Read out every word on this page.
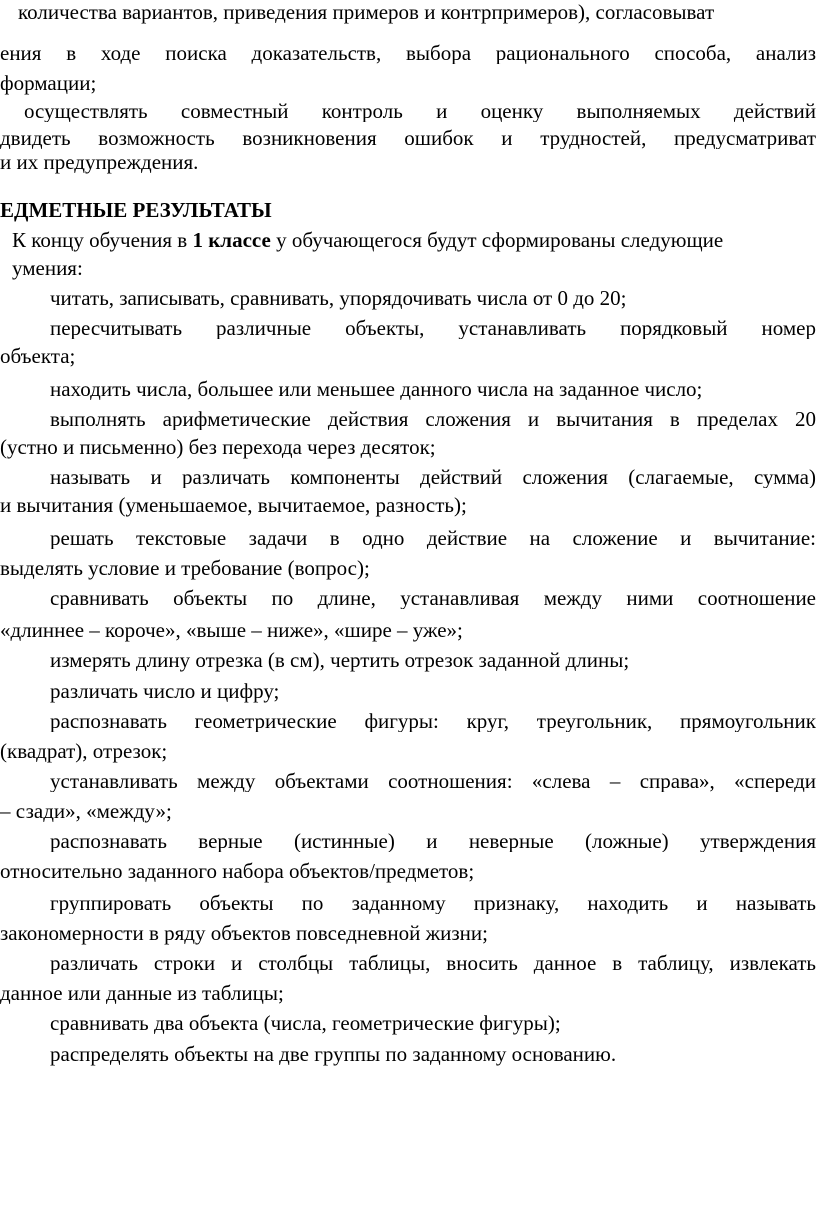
количества вариантов, приведения примеров и контрпримеров), согласовыват
ения в ходе поиска доказательств, выбора рационального способа, анализ
формации;
осуществлять совместный контроль и оценку выполняемых действий
двидеть возможность возникновения ошибок и трудностей, предусматриват
и их предупреждения.
ЕДМЕТНЫЕ РЕЗУЛЬТАТЫ
К концу обучения в 1 классе у обучающегося будут сформированы следующие
умения:
читать, записывать, сравнивать, упорядочивать числа от 0 до 20;
пересчитывать различные объекты, устанавливать порядковый номер
объекта;
находить числа, большее или меньшее данного числа на заданное число;
выполнять арифметические действия сложения и вычитания в пределах 20
(устно и письменно) без перехода через десяток;
называть и различать компоненты действий сложения (слагаемые, сумма)
и вычитания (уменьшаемое, вычитаемое, разность);
решать текстовые задачи в одно действие на сложение и вычитание:
выделять условие и требование (вопрос);
сравнивать объекты по длине, устанавливая между ними соотношение
«длиннее – короче», «выше – ниже», «шире – уже»;
измерять длину отрезка (в см), чертить отрезок заданной длины;
различать число и цифру;
распознавать геометрические фигуры: круг, треугольник, прямоугольник
(квадрат), отрезок;
устанавливать между объектами соотношения: «слева – справа», «спереди
– сзади», «между»;
распознавать верные (истинные) и неверные (ложные) утверждения
относительно заданного набора объектов/предметов;
группировать объекты по заданному признаку, находить и называть
закономерности в ряду объектов повседневной жизни;
различать строки и столбцы таблицы, вносить данное в таблицу, извлекать
данное или данные из таблицы;
сравнивать два объекта (числа, геометрические фигуры);
распределять объекты на две группы по заданному основанию.
